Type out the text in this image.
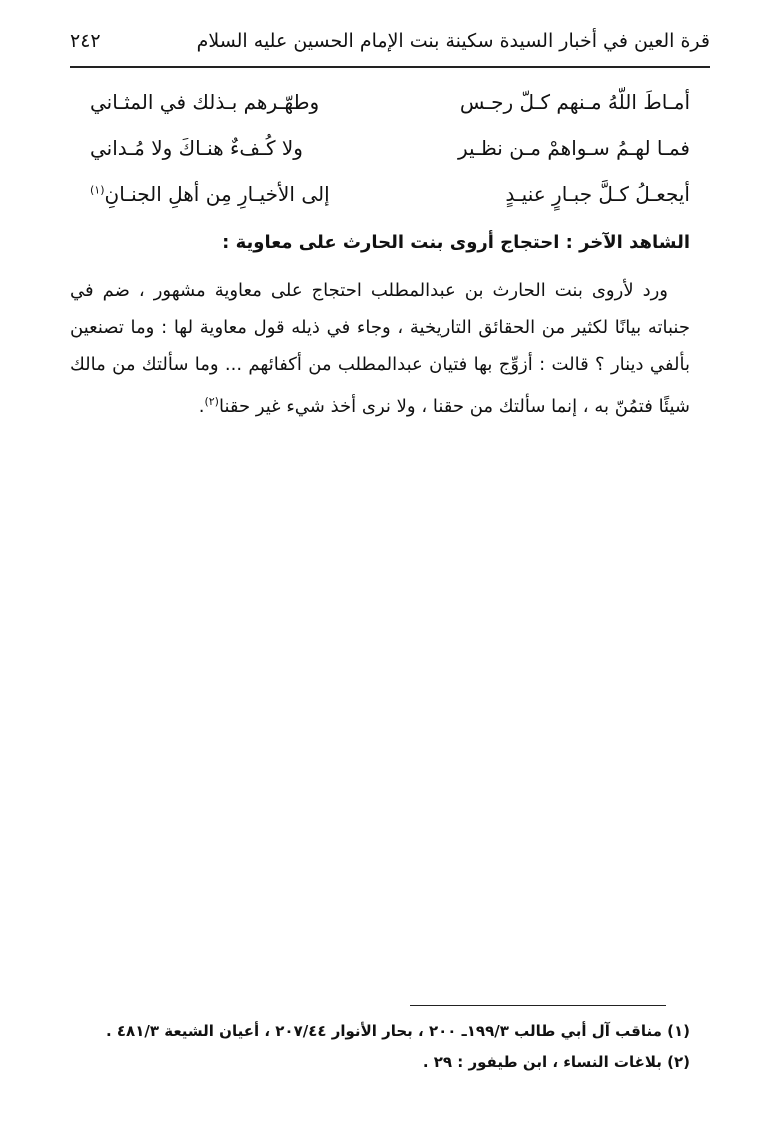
قرة العين في أخبار السيدة سكينة بنت الإمام الحسين عليه السلام
٢٤٢
أمـاطَ اللّهُ مـنهم كـلّ رجـس
وطهّـرهم بـذلك في المثـاني
فمـا لهـمُ سـواهمْ مـن نظـير
ولا كُـفءٌ هنـاكَ ولا مُـداني
أيجعـلُ كـلَّ جبـارٍ عنيـدٍ
إلى الأخيـارِ مِن أهلِ الجنـانِ$^{(١)}$
الشاهد الآخر : احتجاج أروى بنت الحارث على معاوية :
ورد لأروى بنت الحارث بن عبدالمطلب احتجاج على معاوية مشهور ، ضم في جنباته بيانًا لكثير من الحقائق التاريخية ، وجاء في ذيله قول معاوية لها : وما تصنعين بألفي دينار ؟ قالت : أزوِّج بها فتيان عبدالمطلب من أكفائهم ... وما سألتك من مالك شيئًا فتمُنّ به ، إنما سألتك من حقنا ، ولا نرى أخذ شيء غير حقنا$^{(٢)}$.
(١) مناقب آل أبي طالب ١٩٩/٣ـ ٢٠٠ ، بحار الأنوار ٢٠٧/٤٤ ، أعيان الشيعة ٤٨١/٣ .
(٢) بلاغات النساء ، ابن طيفور : ٢٩ .
